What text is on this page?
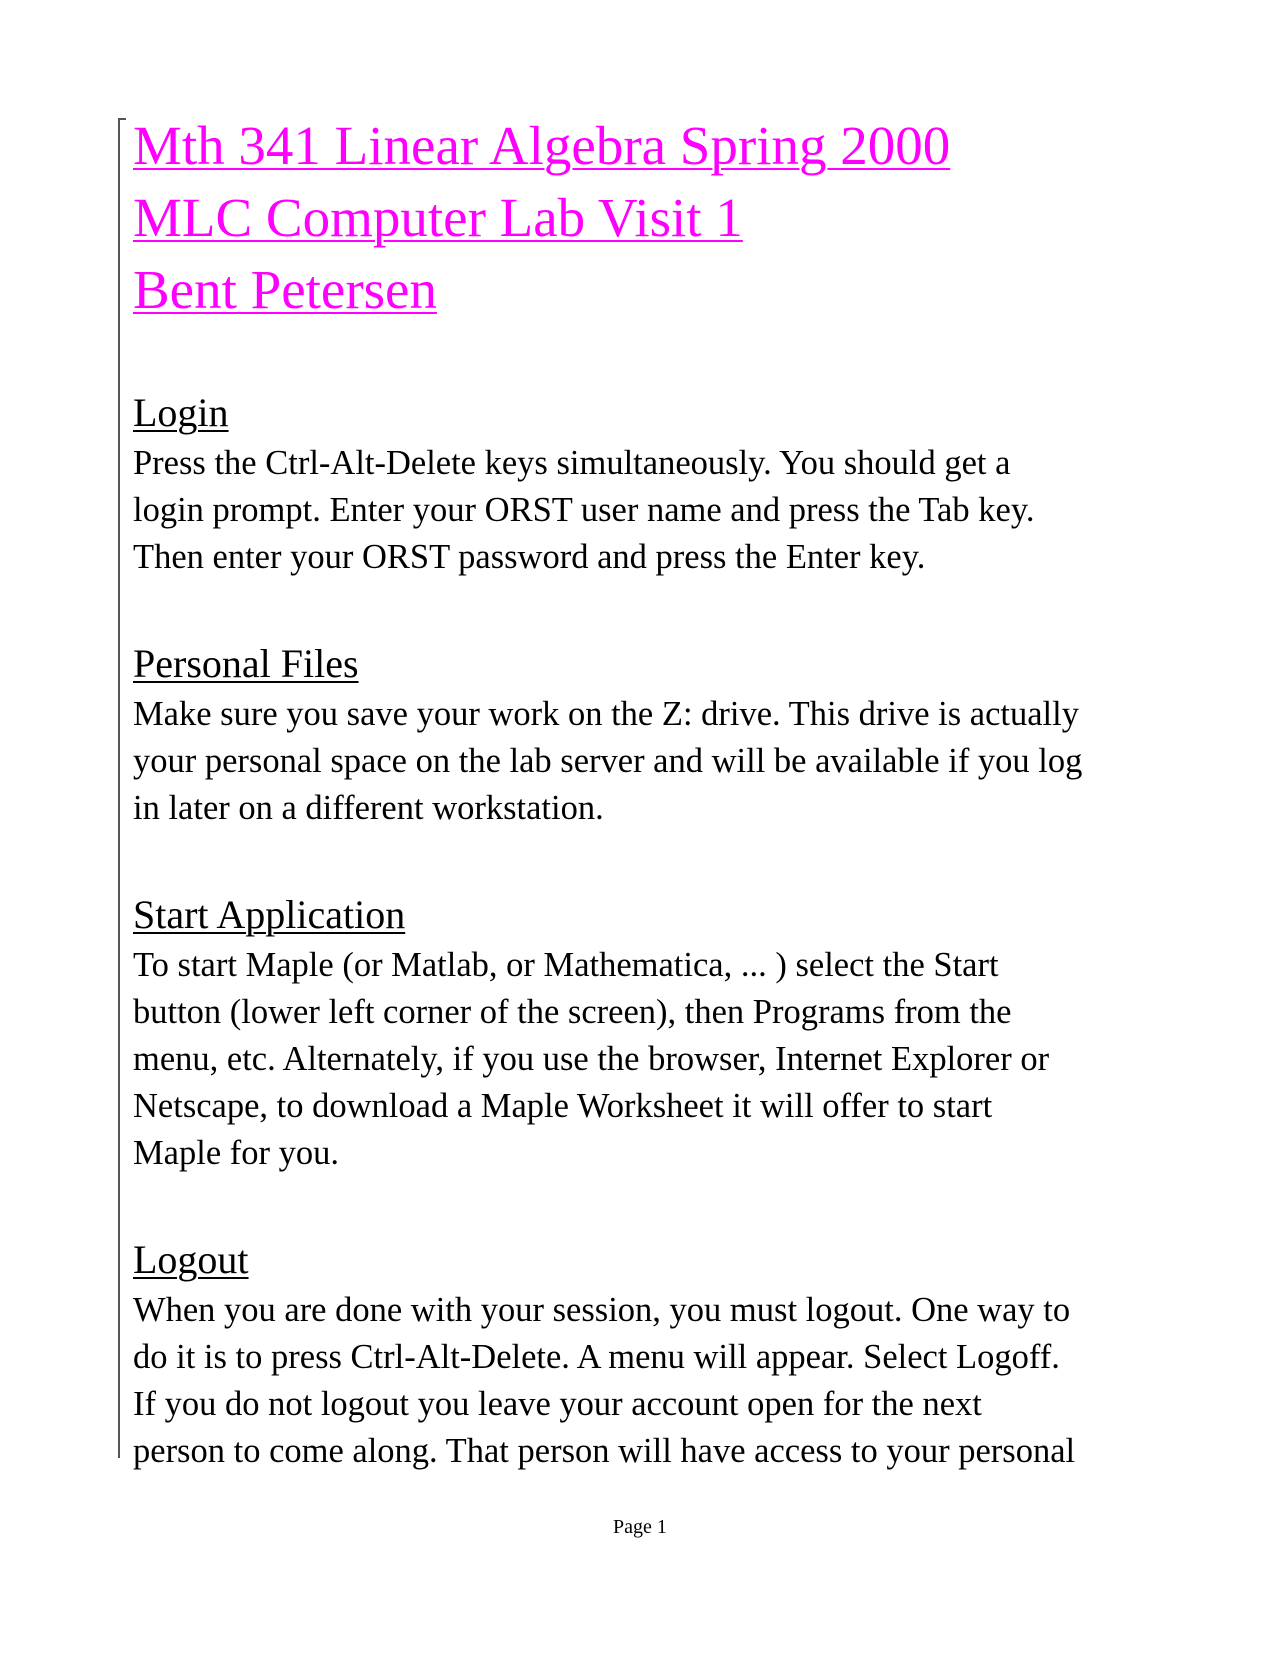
Mth 341 Linear Algebra Spring 2000
MLC Computer Lab Visit 1
Bent Petersen
Login

Press the Ctrl-Alt-Delete keys simultaneously. You should get a
login prompt. Enter your ORST user name and press the Tab key.
Then enter your ORST password and press the Enter key.

Personal Files

Make sure you save your work on the Z: drive. This drive is actually
your personal space on the lab server and will be available if you log
in later on a different workstation.

Start Application

To start Maple (or Matlab, or Mathematica, ... ) select the Start
button (lower left corner of the screen), then Programs from the
menu, etc. Alternately, if you use the browser, Internet Explorer or
Netscape, to download a Maple Worksheet it will offer to start
Maple for you.

Logout

When you are done with your session, you must logout. One way to
do it is to press Ctrl-Alt-Delete. A menu will appear. Select Logoff.
If you do not logout you leave your account open for the next
person to come along. That person will have access to your personal

Page 1
